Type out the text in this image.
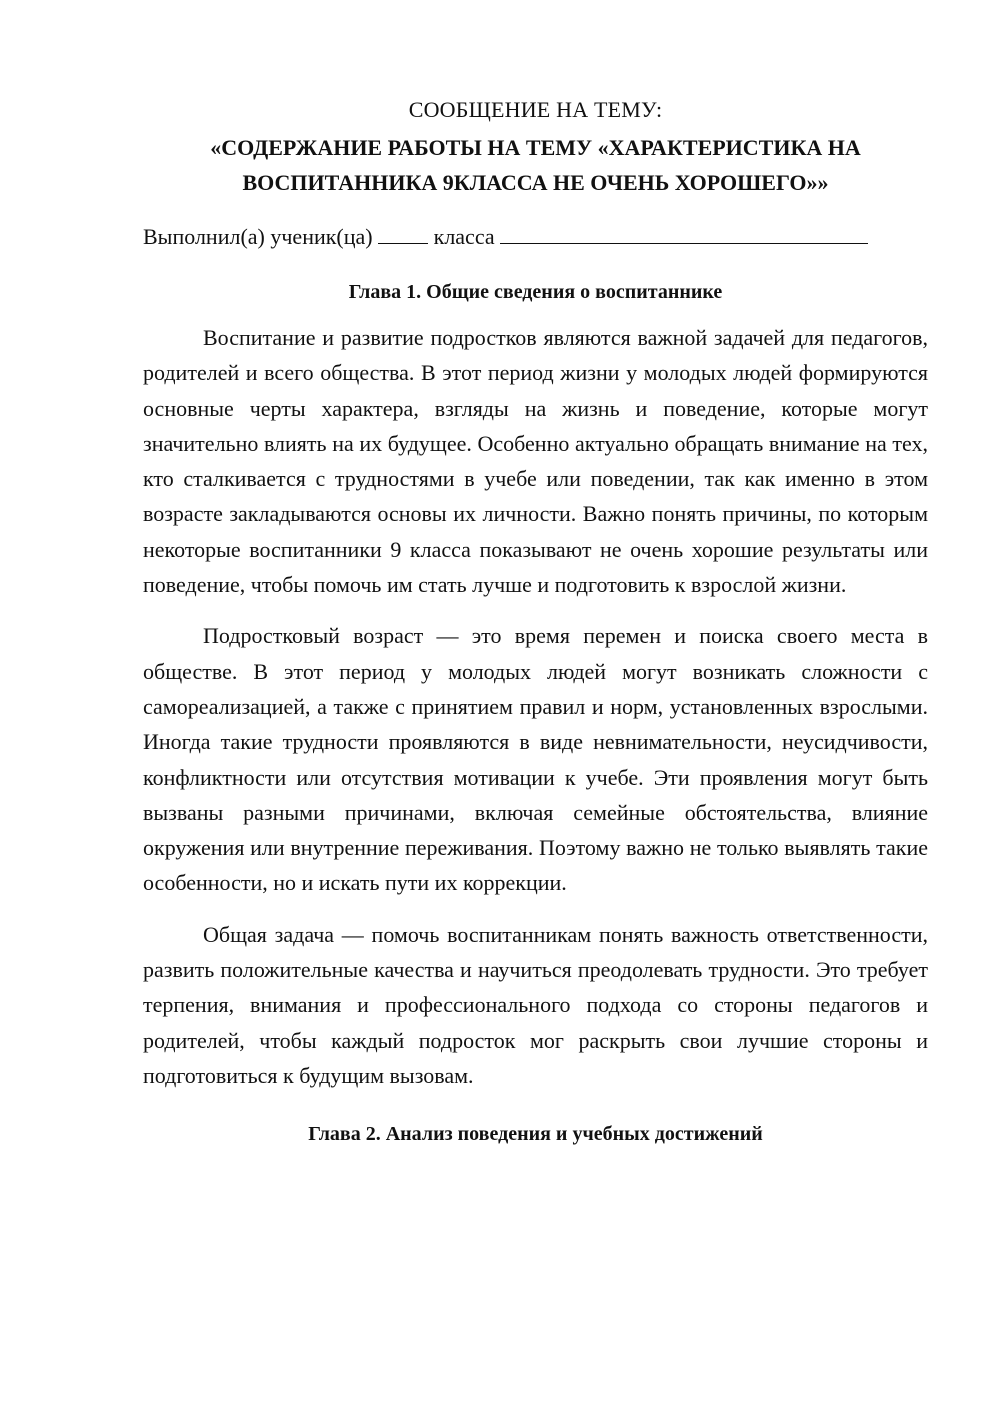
СООБЩЕНИЕ НА ТЕМУ:

«СОДЕРЖАНИЕ РАБОТЫ НА ТЕМУ «ХАРАКТЕРИСТИКА НА
ВОСПИТАННИКА 9КЛАССА НЕ ОЧЕНЬ ХОРОШЕГО»»

Выполнил(а) ученик(ца)	класса

Глава 1. Общие сведения о воспитаннике

Воспитание и развитие подростков являются важной задачей для педагогов, родителей и всего общества. В этот период жизни у молодых людей формируются основные черты характера, взгляды на жизнь и поведение, которые могут значительно влиять на их будущее. Особенно актуально обращать внимание на тех, кто сталкивается с трудностями в учебе или поведении, так как именно в этом возрасте закладываются основы их личности. Важно понять причины, по которым некоторые воспитанники 9 класса показывают не очень хорошие результаты или поведение, чтобы помочь им стать лучше и подготовить к взрослой жизни.

Подростковый возраст — это время перемен и поиска своего места в обществе. В этот период у молодых людей могут возникать сложности с самореализацией, а также с принятием правил и норм, установленных взрослыми. Иногда такие трудности проявляются в виде невнимательности, неусидчивости, конфликтности или отсутствия мотивации к учебе. Эти проявления могут быть вызваны разными причинами, включая семейные обстоятельства, влияние окружения или внутренние переживания. Поэтому важно не только выявлять такие особенности, но и искать пути их коррекции.

Общая задача — помочь воспитанникам понять важность ответственности, развить положительные качества и научиться преодолевать трудности. Это требует терпения, внимания и профессионального подхода со стороны педагогов и родителей, чтобы каждый подросток мог раскрыть свои лучшие стороны и подготовиться к будущим вызовам.

Глава 2. Анализ поведения и учебных достижений
